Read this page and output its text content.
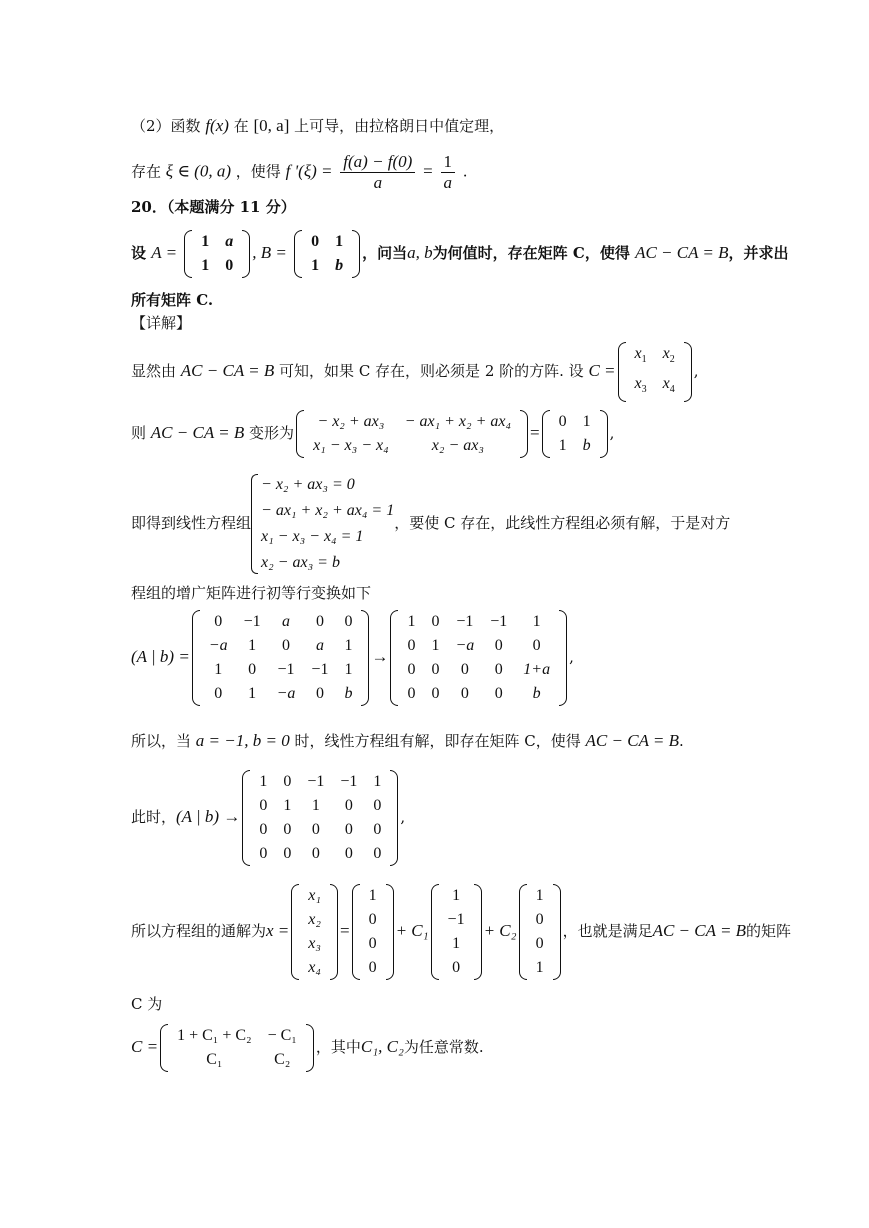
（2）函数 f(x) 在 [0, a] 上可导，由拉格朗日中值定理，
存在 ξ ∈ (0, a) ，使得 f '$(\xi) = \frac{f(a) - f(0)}{a} = \frac{1}{a}$ .
20．（本题满分 11 分）
设 A =
1	a
1	0
, B =
0	1
1	b
，问当a, b为何值时，存在矩阵 C，使得 AC − CA = B，并求出
所有矩阵 C.
【详解】
显然由 AC − CA = B 可知，如果 C 存在，则必须是 2 阶的方阵. 设 C =
$x_1$	$x_2$
$x_3$	$x_4$
,
则 AC − CA = B 变形为
− x₂ + ax₃	− ax₁ + x₂ + ax₄
x₁ − x₃ − x₄	x₂ − ax₃
=
0	1
1	b
,
即得到线性方程组
− x₂ + ax₃ = 0
− ax₁ + x₂ + ax₄ = 1
x₁ − x₃ − x₄ = 1
x₂ − ax₃ = b
，要使 C 存在，此线性方程组必须有解，于是对方
程组的增广矩阵进行初等行变换如下
(A | b) =
0	−1	a	0	0
−a	1	0	a	1
1	0	−1	−1	1
0	1	−a	0	b
→
1	0	−1	−1	1
0	1	−a	0	0
0	0	0	0	1+a
0	0	0	0	b
,
所以，当 a = −1, b = 0 时，线性方程组有解，即存在矩阵 C，使得 AC − CA = B.
此时，(A | b) →
1	0	−1	−1	1
0	1	1	0	0
0	0	0	0	0
0	0	0	0	0
,
所以方程组的通解为x =
x₁
x₂
x₃
x₄
=
1
0
0
0
+ C₁
1
−1
1
0
+ C₂
1
0
0
1
，也就是满足AC − CA = B的矩阵
C 为
C =
1 + C₁ + C₂	− C₁
C₁	C₂
，其中C₁, C₂为任意常数.
